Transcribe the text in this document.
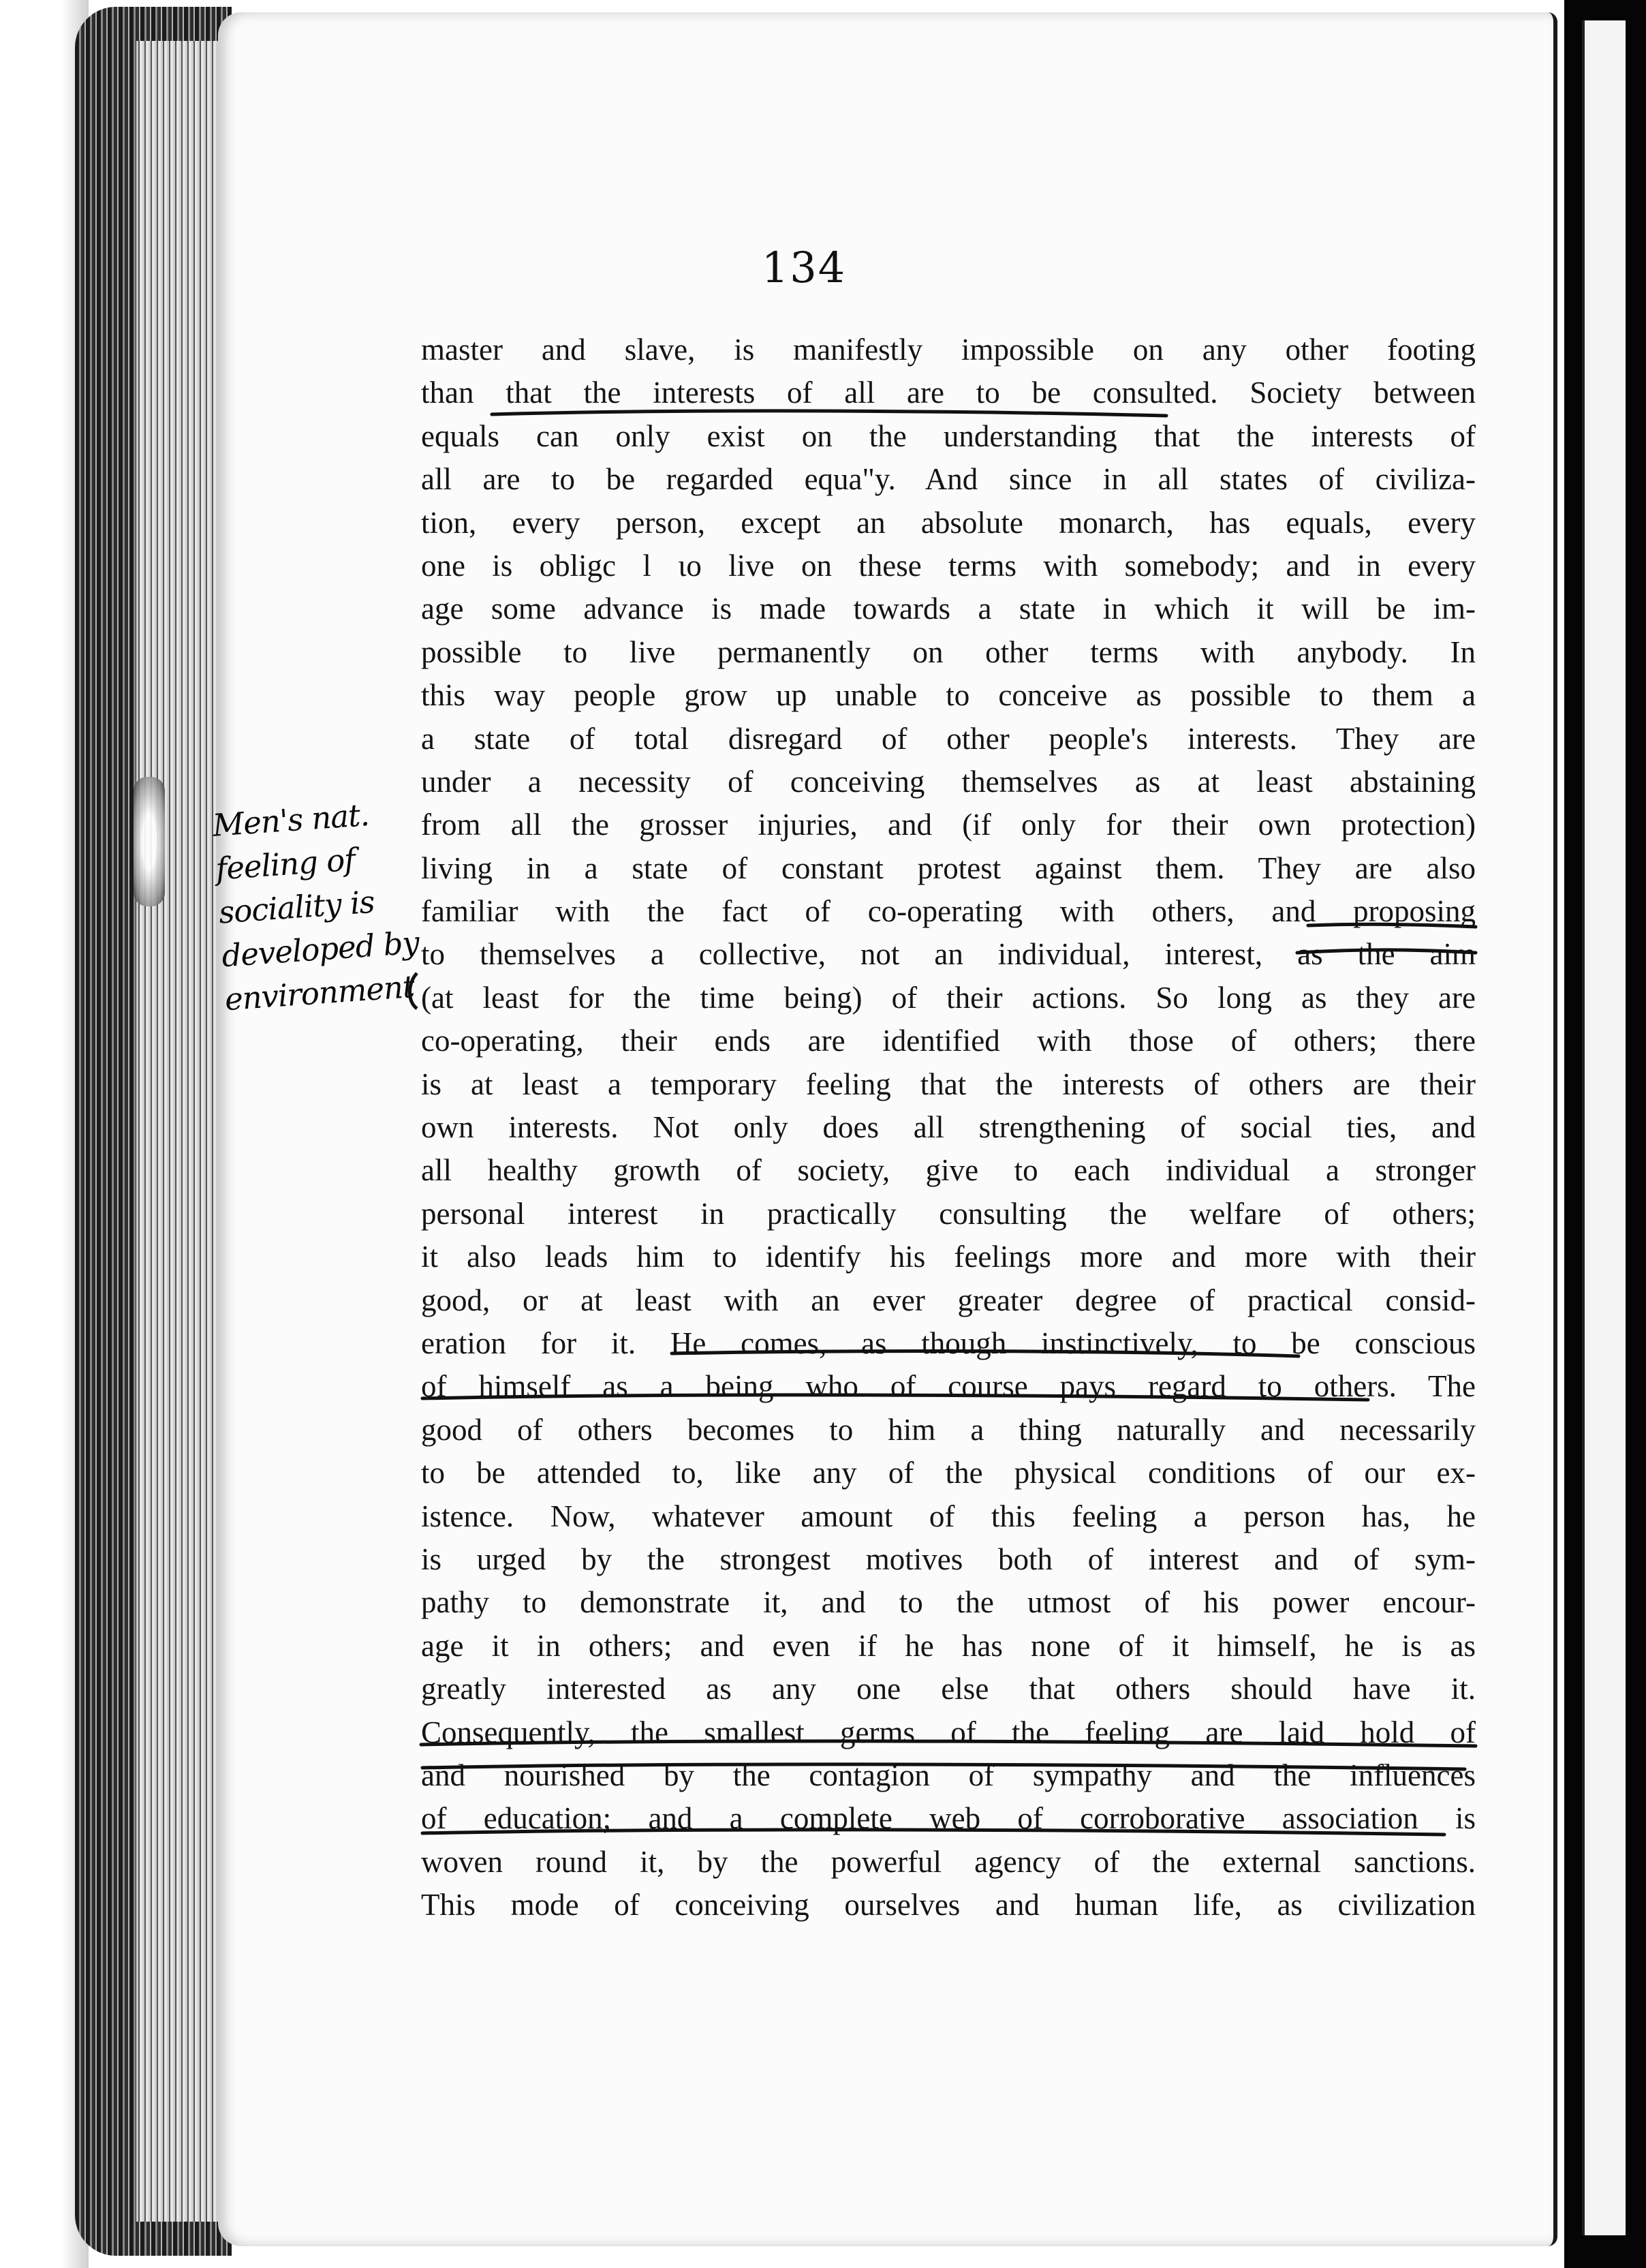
134
master and slave, is manifestly impossible on any other footing
than that the interests of all are to be consulted. Society between
equals can only exist on the understanding that the interests of
all are to be regarded equa"y. And since in all states of civiliza-
tion, every person, except an absolute monarch, has equals, every
one is obligc l ιo live on these terms with somebody; and in every
age some advance is made towards a state in which it will be im-
possible to live permanently on other terms with anybody. In
this way people grow up unable to conceive as possible to them a
a state of total disregard of other people's interests. They are
under a necessity of conceiving themselves as at least abstaining
from all the grosser injuries, and (if only for their own protection)
living in a state of constant protest against them. They are also
familiar with the fact of co-operating with others, and proposing
to themselves a collective, not an individual, interest, as the aim
(at least for the time being) of their actions. So long as they are
co-operating, their ends are identified with those of others; there
is at least a temporary feeling that the interests of others are their
own interests. Not only does all strengthening of social ties, and
all healthy growth of society, give to each individual a stronger
personal interest in practically consulting the welfare of others;
it also leads him to identify his feelings more and more with their
good, or at least with an ever greater degree of practical consid-
eration for it. He comes, as though instinctively, to be conscious
of himself as a being who of course pays regard to others. The
good of others becomes to him a thing naturally and necessarily
to be attended to, like any of the physical conditions of our ex-
istence. Now, whatever amount of this feeling a person has, he
is urged by the strongest motives both of interest and of sym-
pathy to demonstrate it, and to the utmost of his power encour-
age it in others; and even if he has none of it himself, he is as
greatly interested as any one else that others should have it.
Consequently, the smallest germs of the feeling are laid hold of
and nourished by the contagion of sympathy and the influences
of education; and a complete web of corroborative association is
woven round it, by the powerful agency of the external sanctions.
This mode of conceiving ourselves and human life, as civilization
Men's nat.
feeling of
sociality is
developed by
environment
